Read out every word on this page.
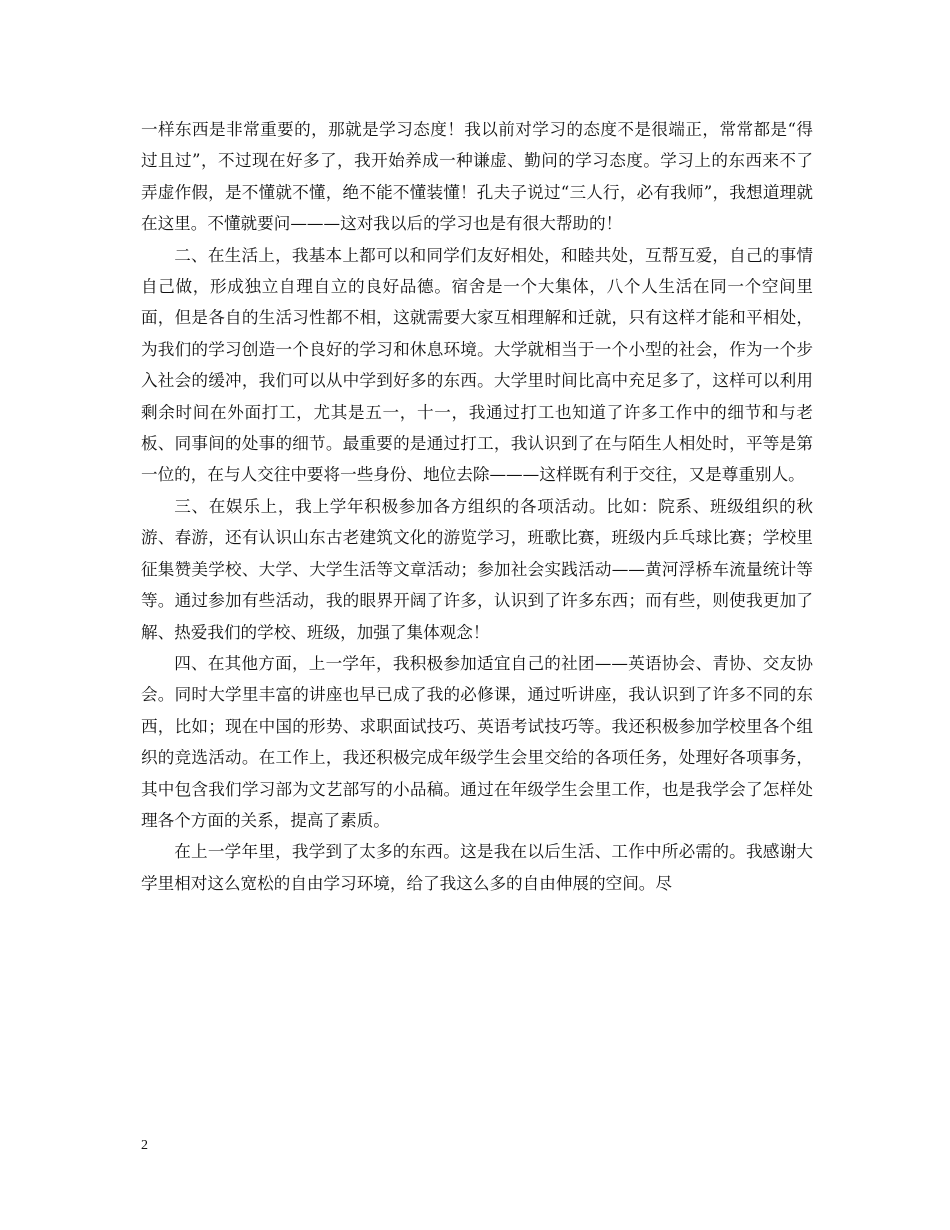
一样东西是非常重要的，那就是学习态度！我以前对学习的态度不是很端正，常常都是“得过且过”，不过现在好多了，我开始养成一种谦虚、勤问的学习态度。学习上的东西来不了弄虚作假，是不懂就不懂，绝不能不懂装懂！孔夫子说过“三人行，必有我师”，我想道理就在这里。不懂就要问———这对我以后的学习也是有很大帮助的！

二、在生活上，我基本上都可以和同学们友好相处，和睦共处，互帮互爱，自己的事情自己做，形成独立自理自立的良好品德。宿舍是一个大集体，八个人生活在同一个空间里面，但是各自的生活习性都不相，这就需要大家互相理解和迁就，只有这样才能和平相处，为我们的学习创造一个良好的学习和休息环境。大学就相当于一个小型的社会，作为一个步入社会的缓冲，我们可以从中学到好多的东西。大学里时间比高中充足多了，这样可以利用剩余时间在外面打工，尤其是五一，十一，我通过打工也知道了许多工作中的细节和与老板、同事间的处事的细节。最重要的是通过打工，我认识到了在与陌生人相处时，平等是第一位的，在与人交往中要将一些身份、地位去除———这样既有利于交往，又是尊重别人。

三、在娱乐上，我上学年积极参加各方组织的各项活动。比如：院系、班级组织的秋游、春游，还有认识山东古老建筑文化的游览学习，班歌比赛，班级内乒乓球比赛；学校里征集赞美学校、大学、大学生活等文章活动；参加社会实践活动——黄河浮桥车流量统计等等。通过参加有些活动，我的眼界开阔了许多，认识到了许多东西；而有些，则使我更加了解、热爱我们的学校、班级，加强了集体观念！

四、在其他方面，上一学年，我积极参加适宜自己的社团——英语协会、青协、交友协会。同时大学里丰富的讲座也早已成了我的必修课，通过听讲座，我认识到了许多不同的东西，比如；现在中国的形势、求职面试技巧、英语考试技巧等。我还积极参加学校里各个组织的竞选活动。在工作上，我还积极完成年级学生会里交给的各项任务，处理好各项事务，其中包含我们学习部为文艺部写的小品稿。通过在年级学生会里工作，也是我学会了怎样处理各个方面的关系，提高了素质。

在上一学年里，我学到了太多的东西。这是我在以后生活、工作中所必需的。我感谢大学里相对这么宽松的自由学习环境，给了我这么多的自由伸展的空间。尽

2
